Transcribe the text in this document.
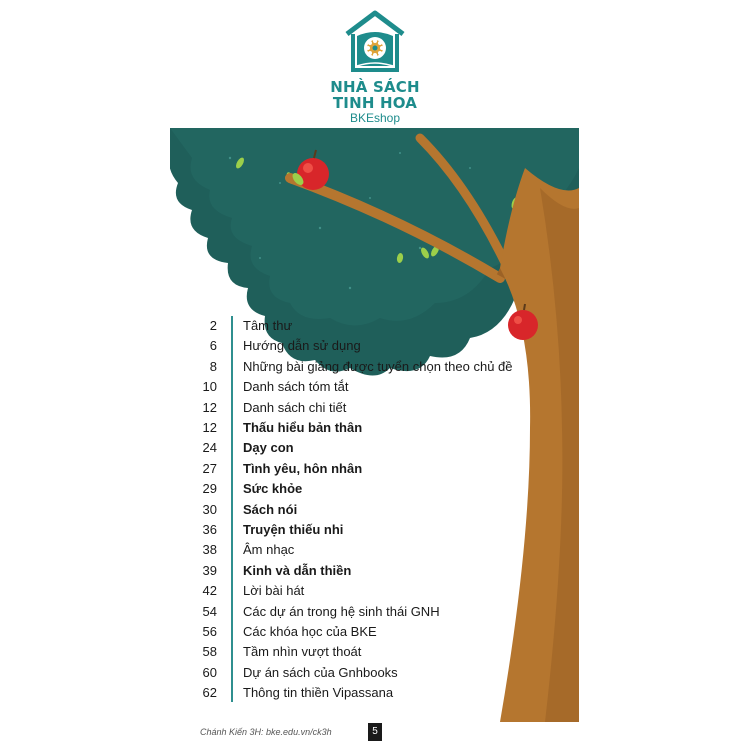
NHÀ SÁCH
TINH HOA
BKEshop
2 Tâm thư
6 Hướng dẫn sử dụng
8 Những bài giảng được tuyển chọn theo chủ đề
10 Danh sách tóm tắt
12 Danh sách chi tiết
12 Thấu hiểu bản thân
24 Dạy con
27 Tình yêu, hôn nhân
29 Sức khỏe
30 Sách nói
36 Truyện thiếu nhi
38 Âm nhạc
39 Kinh và dẫn thiền
42 Lời bài hát
54 Các dự án trong hệ sinh thái GNH
56 Các khóa học của BKE
58 Tầm nhìn vượt thoát
60 Dự án sách của Gnhbooks
62 Thông tin thiền Vipassana
Chánh Kiến 3H: bke.edu.vn/ck3h	5
